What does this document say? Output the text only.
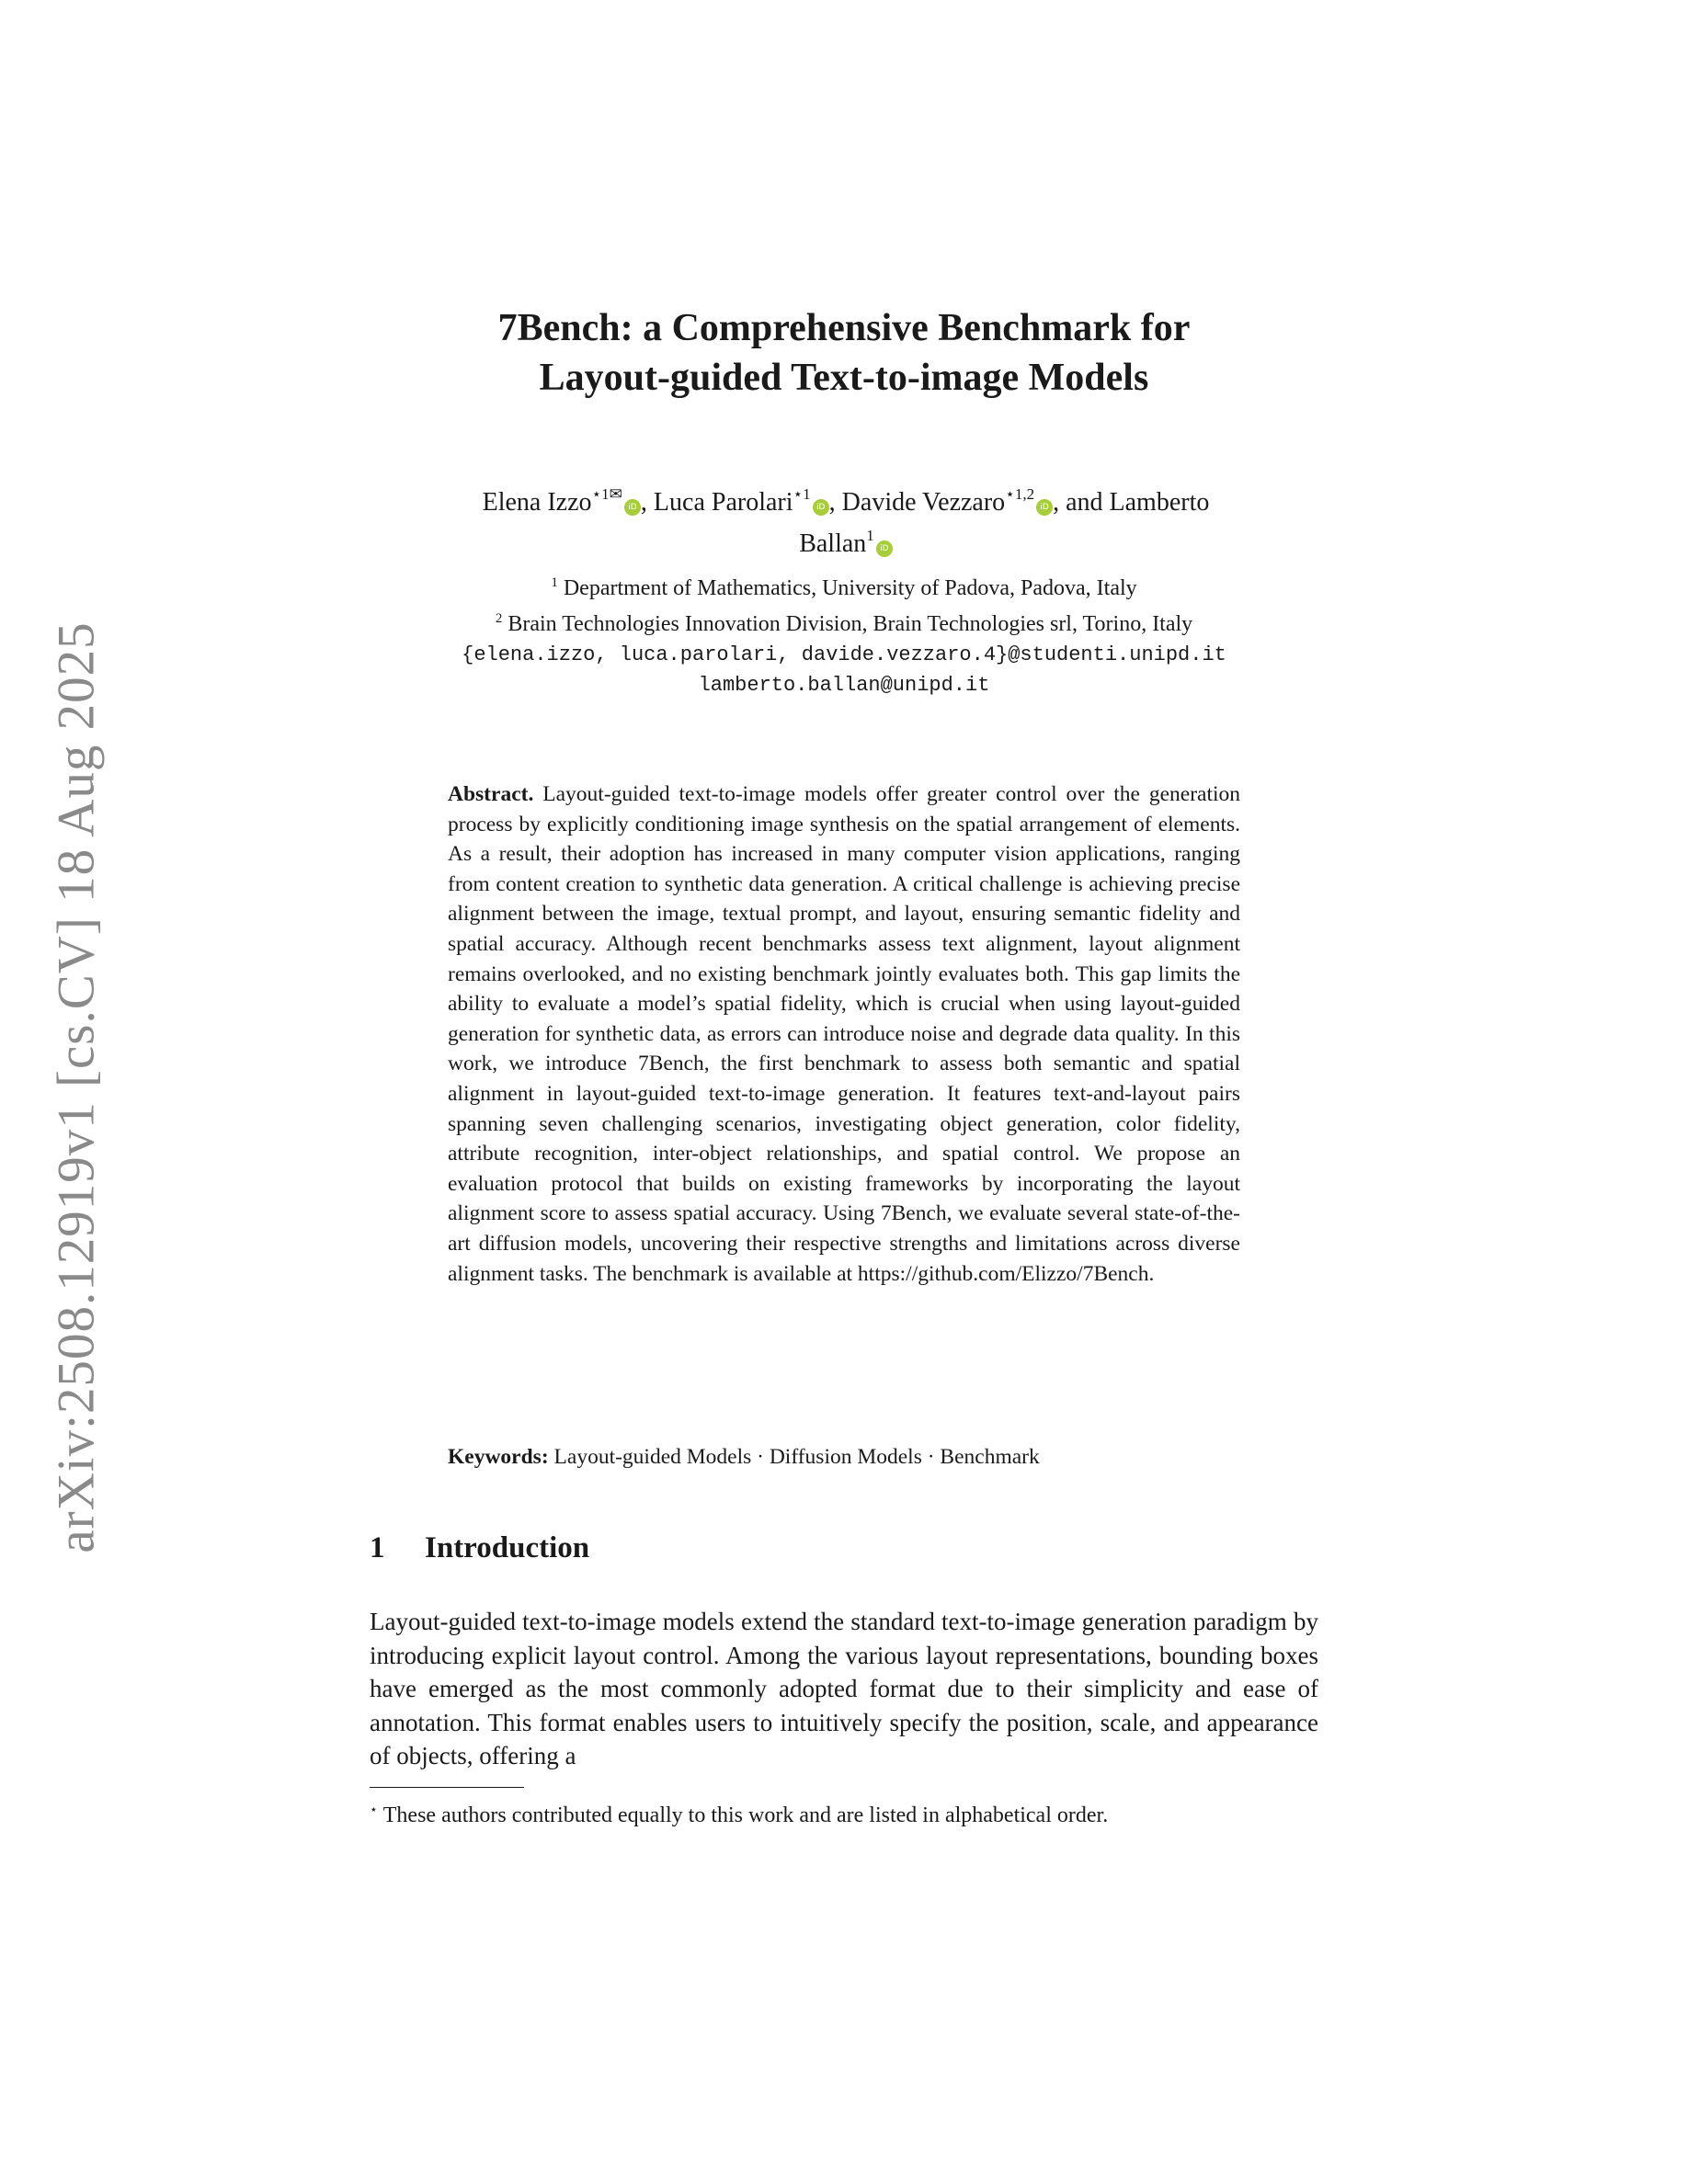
arXiv:2508.12919v1 [cs.CV] 18 Aug 2025
7Bench: a Comprehensive Benchmark for
Layout-guided Text-to-image Models
Elena Izzo$^{⋆1✉}$iD , Luca Parolari$^{⋆1}$iD , Davide Vezzaro$^{⋆1,2}$iD , and Lamberto
Ballan$^1$iD
$^1$ Department of Mathematics, University of Padova, Padova, Italy
$^2$ Brain Technologies Innovation Division, Brain Technologies srl, Torino, Italy
{elena.izzo, luca.parolari, davide.vezzaro.4}@studenti.unipd.it
lamberto.ballan@unipd.it
Abstract. Layout-guided text-to-image models offer greater control over the generation process by explicitly conditioning image synthesis on the spatial arrangement of elements. As a result, their adoption has increased in many computer vision applications, ranging from content creation to synthetic data generation. A critical challenge is achieving precise alignment between the image, textual prompt, and layout, ensuring semantic fidelity and spatial accuracy. Although recent benchmarks assess text alignment, layout alignment remains overlooked, and no existing benchmark jointly evaluates both. This gap limits the ability to evaluate a model’s spatial fidelity, which is crucial when using layout-guided generation for synthetic data, as errors can introduce noise and degrade data quality. In this work, we introduce 7Bench, the first benchmark to assess both semantic and spatial alignment in layout-guided text-to-image generation. It features text-and-layout pairs spanning seven challenging scenarios, investigating object generation, color fidelity, attribute recognition, inter-object relationships, and spatial control. We propose an evaluation protocol that builds on existing frameworks by incorporating the layout alignment score to assess spatial accuracy. Using 7Bench, we evaluate several state-of-the-art diffusion models, uncovering their respective strengths and limitations across diverse alignment tasks. The benchmark is available at https://github.com/Elizzo/7Bench.
Keywords: Layout-guided Models · Diffusion Models · Benchmark
1 Introduction
Layout-guided text-to-image models extend the standard text-to-image generation paradigm by introducing explicit layout control. Among the various layout representations, bounding boxes have emerged as the most commonly adopted format due to their simplicity and ease of annotation. This format enables users to intuitively specify the position, scale, and appearance of objects, offering a
⋆ These authors contributed equally to this work and are listed in alphabetical order.
